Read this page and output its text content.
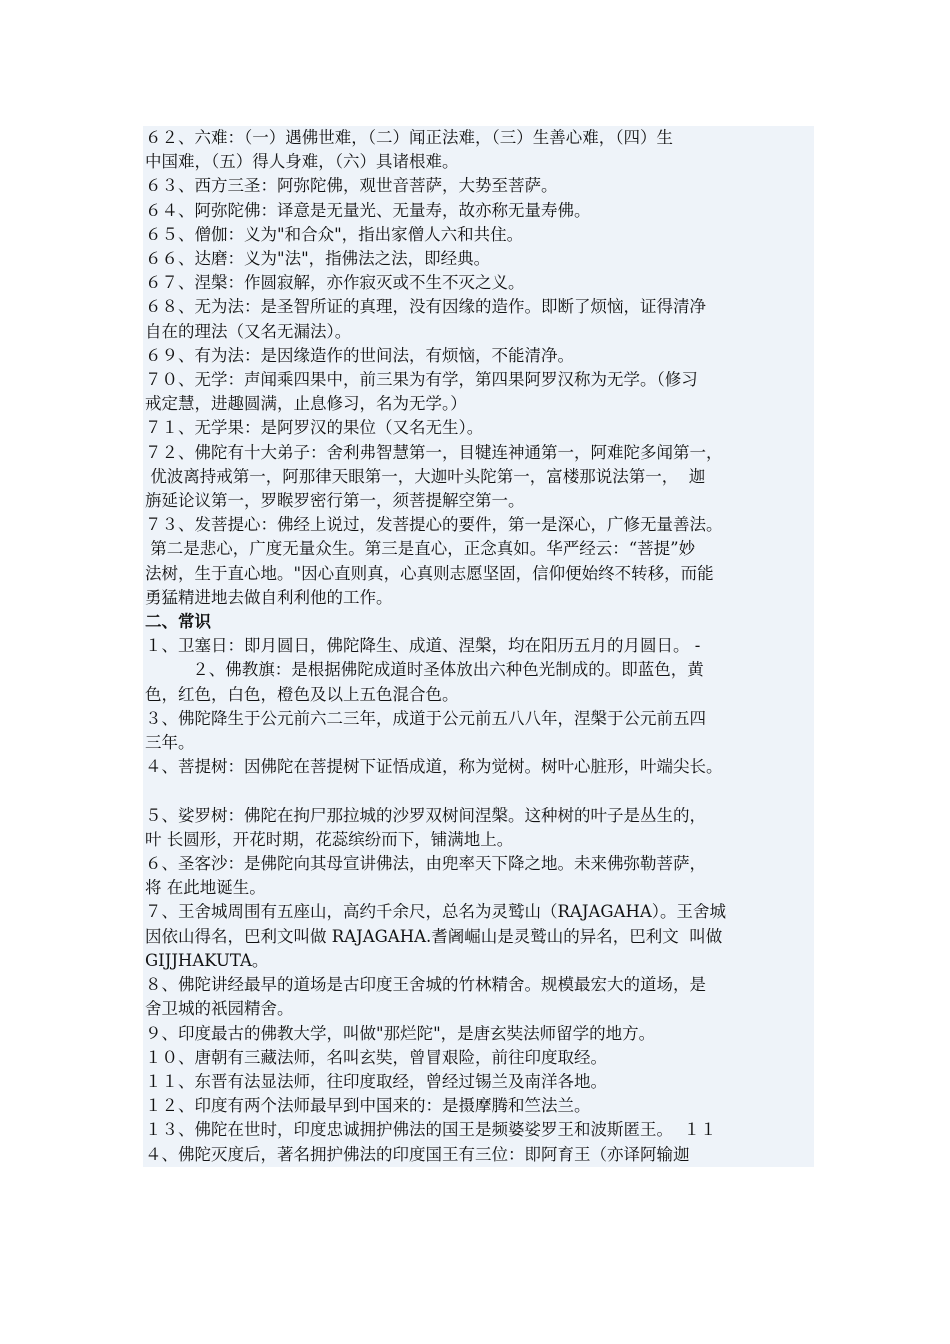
６２、六难：（一）遇佛世难，（二）闻正法难，（三）生善心难，（四）生
中国难，（五）得人身难，（六）具诸根难。
６３、西方三圣：阿弥陀佛，观世音菩萨，大势至菩萨。
６４、阿弥陀佛：译意是无量光、无量寿，故亦称无量寿佛。
６５、僧伽：义为"和合众"，指出家僧人六和共住。
６６、达磨：义为"法"，指佛法之法，即经典。
６７、涅槃：作圆寂解，亦作寂灭或不生不灭之义。
６８、无为法：是圣智所证的真理，没有因缘的造作。即断了烦恼，证得清净
自在的理法（又名无漏法）。
６９、有为法：是因缘造作的世间法，有烦恼，不能清净。
７０、无学：声闻乘四果中，前三果为有学，第四果阿罗汉称为无学。（修习
戒定慧，进趣圆满，止息修习，名为无学。）
７１、无学果：是阿罗汉的果位（又名无生）。
７２、佛陀有十大弟子：舍利弗智慧第一，目犍连神通第一，阿难陀多闻第一，
优波离持戒第一，阿那律天眼第一，大迦叶头陀第一，富楼那说法第一，  迦
旃延论议第一，罗睺罗密行第一，须菩提解空第一。
７３、发菩提心：佛经上说过，发菩提心的要件，第一是深心，广修无量善法。
第二是悲心，广度无量众生。第三是直心，正念真如。华严经云：“菩提”妙
法树，生于直心地。"因心直则真，心真则志愿坚固，信仰便始终不转移，而能
勇猛精进地去做自利利他的工作。
二、常识
１、卫塞日：即月圆日，佛陀降生、成道、涅槃，均在阳历五月的月圆日。 -
２、佛教旗：是根据佛陀成道时圣体放出六种色光制成的。即蓝色，黄
色，红色，白色，橙色及以上五色混合色。
３、佛陀降生于公元前六二三年，成道于公元前五八八年，涅槃于公元前五四
三年。
４、菩提树：因佛陀在菩提树下证悟成道，称为觉树。树叶心脏形，叶端尖长。
５、娑罗树：佛陀在拘尸那拉城的沙罗双树间涅槃。这种树的叶子是丛生的，
叶 长圆形，开花时期，花蕊缤纷而下，铺满地上。
６、圣客沙：是佛陀向其母宣讲佛法，由兜率天下降之地。未来佛弥勒菩萨，
将 在此地诞生。
７、王舍城周围有五座山，高约千余尺，总名为灵鹫山（RAJAGAHA）。王舍城
因依山得名，巴利文叫做 RAJAGAHA.耆阇崛山是灵鹫山的异名，巴利文  叫做
GIJJHAKUTA。
８、佛陀讲经最早的道场是古印度王舍城的竹林精舍。规模最宏大的道场，是
舍卫城的祇园精舍。
９、印度最古的佛教大学，叫做"那烂陀"，是唐玄奘法师留学的地方。
１０、唐朝有三藏法师，名叫玄奘，曾冒艰险，前往印度取经。
１１、东晋有法显法师，往印度取经，曾经过锡兰及南洋各地。
１２、印度有两个法师最早到中国来的：是摄摩腾和竺法兰。
１３、佛陀在世时，印度忠诚拥护佛法的国王是频婆娑罗王和波斯匿王。  １１
４、佛陀灭度后，著名拥护佛法的印度国王有三位：即阿育王（亦译阿输迦
